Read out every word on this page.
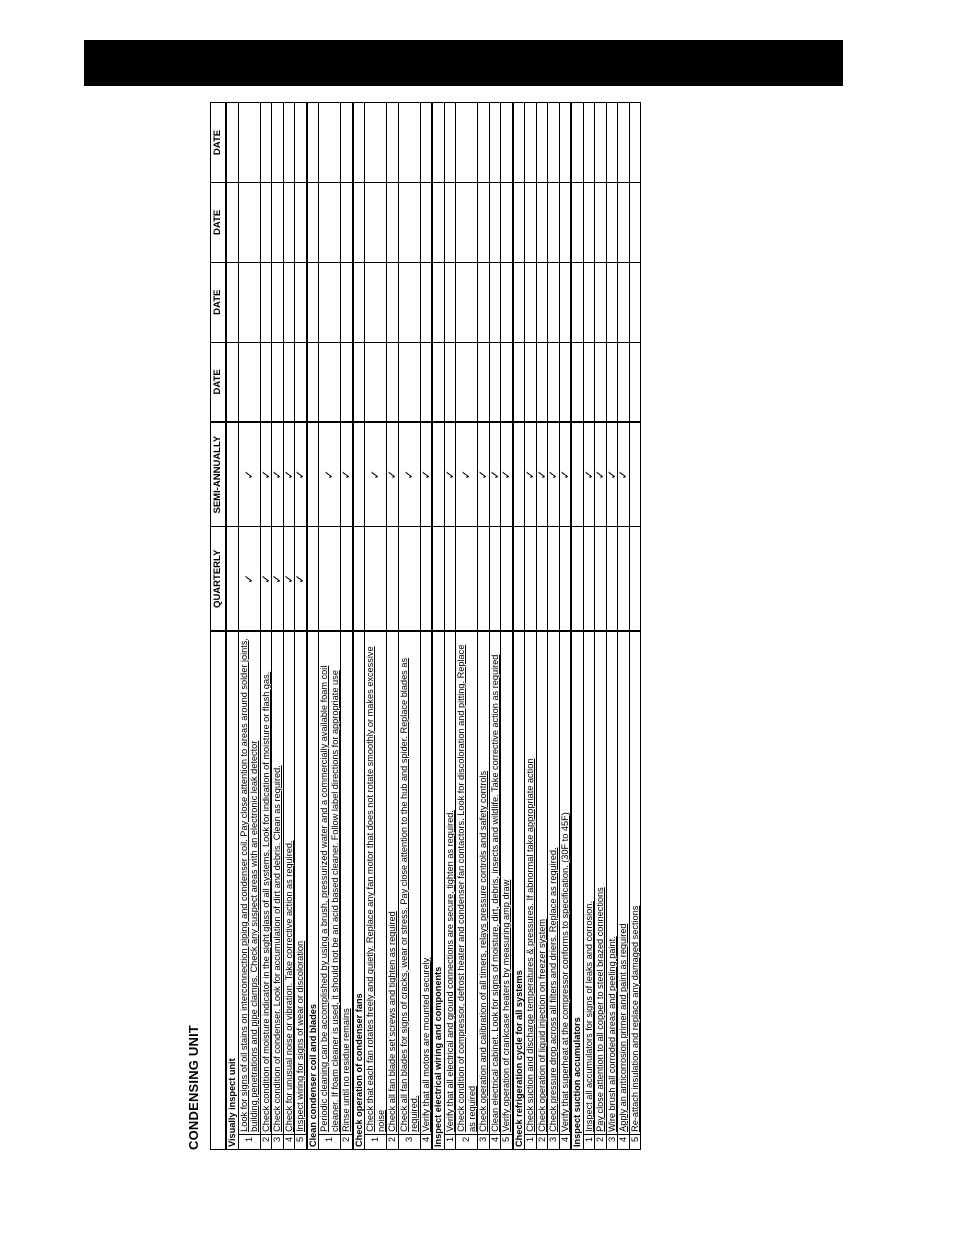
CONDENSING UNIT
		QUARTERLY	SEMI-ANNUALLY	DATE	DATE	DATE	DATE
Visually inspect unit							
1	Look for signs of oil stains on interconnection piping and condenser coil. Pay close attention to areas around solder joints, building penetrations and pipe clamps. Check any suspect areas with an electronic leak detector	✓	✓				
2	Check condition of moisture indicator in the sight glass of all systems. Look for indication of moisture or flash gas.	✓	✓				
3	Check condition of condenser. Look for accumulation of dirt and debris. Clean as required.	✓	✓				
4	Check for unusual noise or vibration. Take corrective action as required.	✓	✓				
5	Inspect wiring for signs of wear or discoloration	✓	✓				
Clean condenser coil and blades							
1	Periodic cleaning can be accomplished by using a brush, pressurized water and a commercially available foam coil cleaner. If foam cleaner is used, it should not be an acid based cleaner. Follow label directions for appropriate use		✓				
2	Rinse until no residue remains		✓				
Check operation of condenser fans							
1	Check that each fan rotates freely and quietly. Replace any fan motor that does not rotate smoothly or makes excessive noise		✓				
2	Check all fan blade set screws and tighten as required		✓				
3	Check all fan blades for signs of cracks, wear or stress. Pay close attention to the hub and spider. Replace blades as required.		✓				
4	Verify that all motors are mounted securely		✓				
Inspect electrical wiring and components							
1	Verify that all electrical and ground connections are secure, tighten as required.		✓				
2	Check condition of compressor, defrost heater and condenser fan contactors. Look for discoloration and pitting. Replace as required		✓				
3	Check operation and calibration of all timers, relays pressure controls and safety controls		✓				
4	Clean electrical cabinet. Look for signs of moisture, dirt, debris, insects and wildlife. Take corrective action as required		✓				
5	Verify operation of crankcase heaters by measuring amp draw		✓				
Check refrigeration cycle for all systems							
1	Check suction and discharge temperatures & pressures. If abnormal take appropriate action		✓				
2	Check operation of liquid injection on freezer system		✓				
3	Check pressure drop across all filters and driers. Replace as required.		✓				
4	Verify that superheat at the compressor conforms to specification. (30F to 45F)		✓				
Inspect suction accumulators							
1	Inspect all accumulators for signs of leaks and corrosion.		✓				
2	Pay close attention to all copper to steel brazed connections		✓				
3	Wire brush all corroded areas and peeling paint.		✓				
4	Apply an anticorrosion primer and paint as required		✓				
5	Re-attach insulation and replace any damaged sections						
